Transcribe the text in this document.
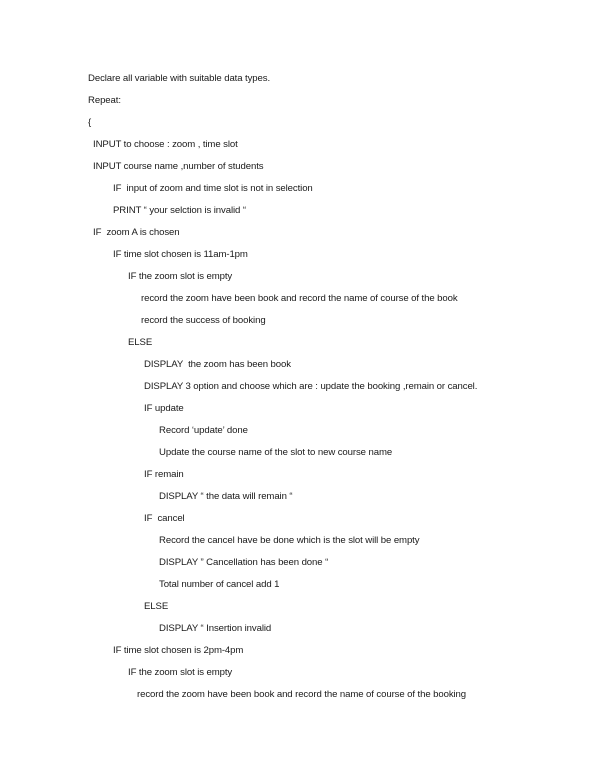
Declare all variable with suitable data types.
Repeat:
{
INPUT to choose : zoom , time slot
INPUT course name ,number of students
IF  input of zoom and time slot is not in selection
PRINT “ your selction is invalid “
IF  zoom A is chosen
IF time slot chosen is 11am-1pm
IF the zoom slot is empty
record the zoom have been book and record the name of course of the book
record the success of booking
ELSE
DISPLAY  the zoom has been book
DISPLAY 3 option and choose which are : update the booking ,remain or cancel.
IF update
Record ‘update’ done
Update the course name of the slot to new course name
IF remain
DISPLAY “ the data will remain “
IF  cancel
Record the cancel have be done which is the slot will be empty
DISPLAY ” Cancellation has been done “
Total number of cancel add 1
ELSE
DISPLAY “ Insertion invalid
IF time slot chosen is 2pm-4pm
IF the zoom slot is empty
record the zoom have been book and record the name of course of the booking
